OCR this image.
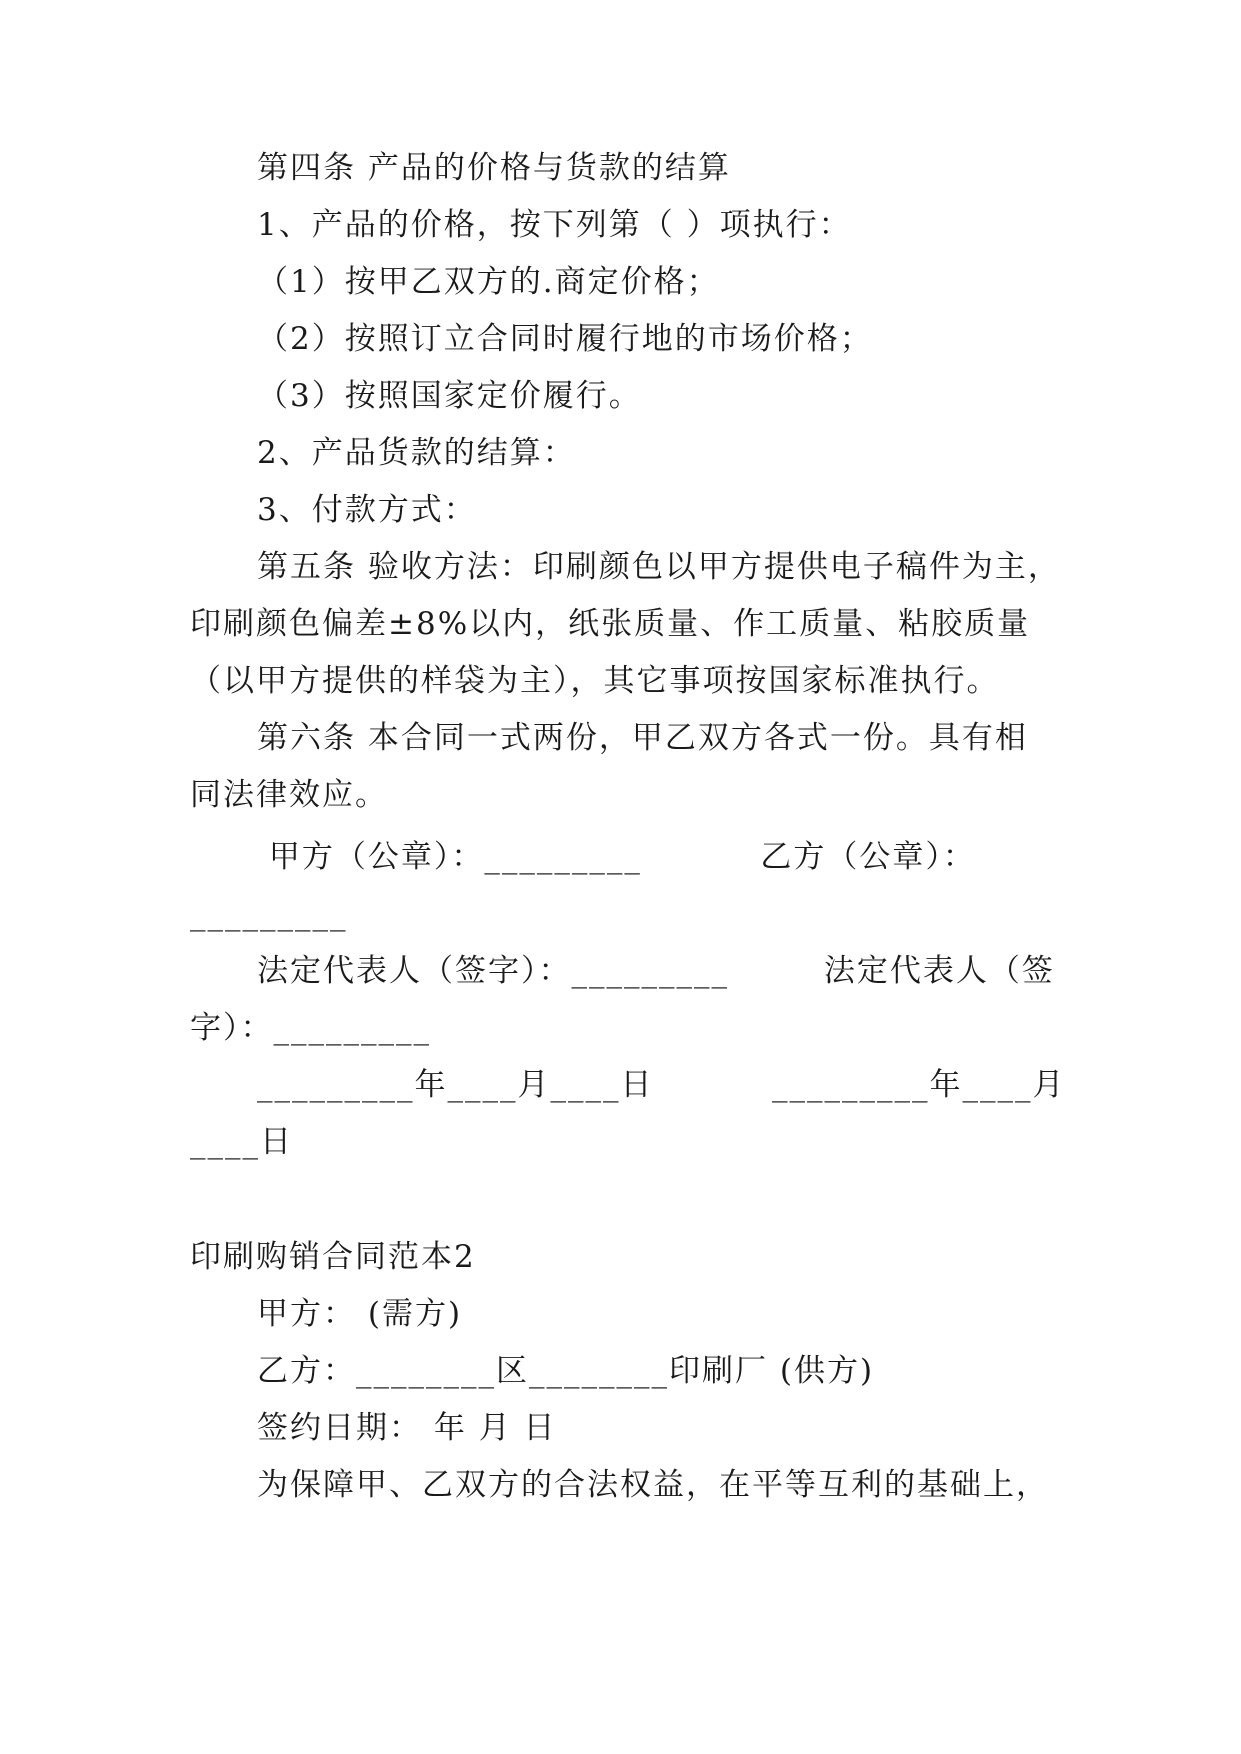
第四条 产品的价格与货款的结算
1、产品的价格，按下列第（ ）项执行：
（1）按甲乙双方的.商定价格；
（2）按照订立合同时履行地的市场价格；
（3）按照国家定价履行。
2、产品货款的结算：
3、付款方式：
第五条 验收方法：印刷颜色以甲方提供电子稿件为主，
印刷颜色偏差±8%以内，纸张质量、作工质量、粘胶质量
（以甲方提供的样袋为主），其它事项按国家标准执行。
第六条 本合同一式两份，甲乙双方各式一份。具有相
同法律效应。
甲方（公章）：_________          乙方（公章）：
_________
法定代表人（签字）：_________        法定代表人（签
字）：_________
_________年____月____日          _________年____月
____日
印刷购销合同范本2
甲方： (需方)
乙方：________区________印刷厂 (供方)
签约日期： 年 月 日
为保障甲、乙双方的合法权益，在平等互利的基础上，
